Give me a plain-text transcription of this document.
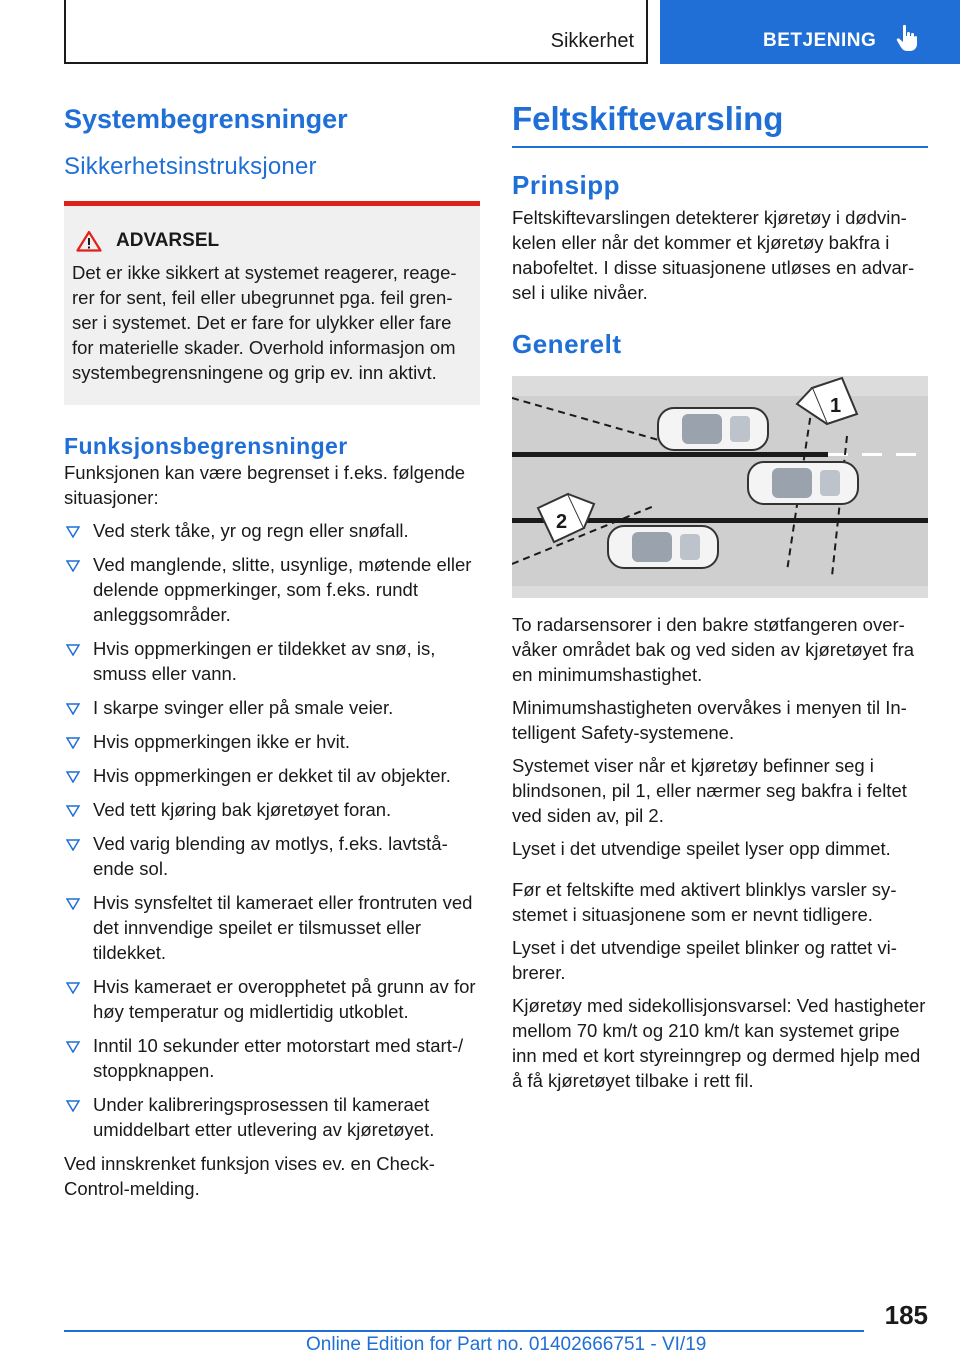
Sikkerhet	BETJENING
Systembegrensninger
Sikkerhetsinstruksjoner
ADVARSEL

Det er ikke sikkert at systemet reagerer, reagerer for sent, feil eller ubegrunnet pga. feil grenser i systemet. Det er fare for ulykker eller fare for materielle skader. Overhold informasjon om systembegrensningene og grip ev. inn aktivt.

Funksjonsbegrensninger

Funksjonen kan være begrenset i f.eks. følgende situasjoner:

Ved sterk tåke, yr og regn eller snøfall.
Ved manglende, slitte, usynlige, møtende eller delende oppmerkinger, som f.eks. rundt anleggsområder.
Hvis oppmerkingen er tildekket av snø, is, smuss eller vann.
I skarpe svinger eller på smale veier.
Hvis oppmerkingen ikke er hvit.
Hvis oppmerkingen er dekket til av objekter.
Ved tett kjøring bak kjøretøyet foran.
Ved varig blending av motlys, f.eks. lavtstående sol.
Hvis synsfeltet til kameraet eller frontruten ved det innvendige speilet er tilsmusset eller tildekket.
Hvis kameraet er overopphetet på grunn av for høy temperatur og midlertidig utkoblet.
Inntil 10 sekunder etter motorstart med start-/ stoppknappen.
Under kalibreringsprosessen til kameraet umiddelbart etter utlevering av kjøretøyet.

Ved innskrenket funksjon vises ev. en Check-Control-melding.

Feltskiftevarsling
Prinsipp

Feltskiftevarslingen detekterer kjøretøy i dødvinkelen eller når det kommer et kjøretøy bakfra i nabofeltet. I disse situasjonene utløses en advarsel i ulike nivåer.

Generelt
1
2

To radarsensorer i den bakre støtfangeren overvåker området bak og ved siden av kjøretøyet fra en minimumshastighet.

Minimumshastigheten overvåkes i menyen til Intelligent Safety-systemene.

Systemet viser når et kjøretøy befinner seg i blindsonen, pil 1, eller nærmer seg bakfra i feltet ved siden av, pil 2.

Lyset i det utvendige speilet lyser opp dimmet.

Før et feltskifte med aktivert blinklys varsler systemet i situasjonene som er nevnt tidligere.

Lyset i det utvendige speilet blinker og rattet vibrerer.

Kjøretøy med sidekollisjonsvarsel: Ved hastigheter mellom 70 km/t og 210 km/t kan systemet gripe inn med et kort styreinngrep og dermed hjelp med å få kjøretøyet tilbake i rett fil.

185
Online Edition for Part no. 01402666751 - VI/19
